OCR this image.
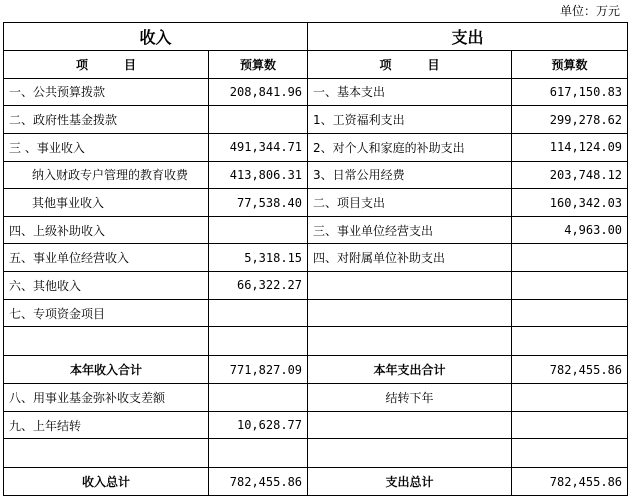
单位：万元
收入		支出	
项　　　目	预算数	项　　　目	预算数
一、公共预算拨款	208,841.96	一、基本支出	617,150.83
二、政府性基金拨款		1、工资福利支出	299,278.62
三 、事业收入	491,344.71	2、对个人和家庭的补助支出	114,124.09
纳入财政专户管理的教育收费	413,806.31	3、日常公用经费	203,748.12
其他事业收入	77,538.40	二、项目支出	160,342.03
四、上级补助收入		三、事业单位经营支出	4,963.00
五、事业单位经营收入	5,318.15	四、对附属单位补助支出	
六、其他收入	66,322.27		
七、专项资金项目			

本年收入合计	771,827.09	本年支出合计	782,455.86
八、用事业基金弥补收支差额		结转下年	
九、上年结转	10,628.77		

收入总计	782,455.86	支出总计	782,455.86
